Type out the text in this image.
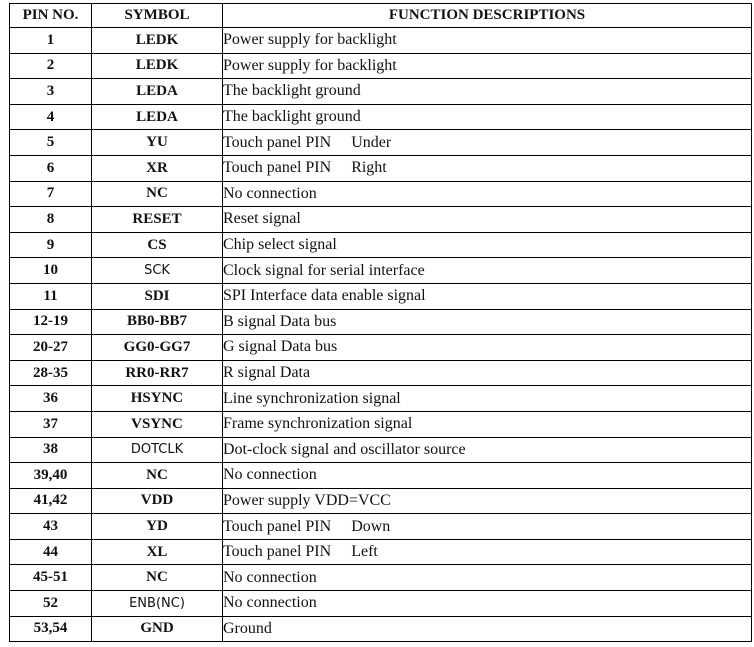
PIN NO.	SYMBOL	FUNCTION DESCRIPTIONS
1	LEDK	Power supply for backlight
2	LEDK	Power supply for backlight
3	LEDA	The backlight ground
4	LEDA	The backlight ground
5	YU	Touch panel PIN  Under
6	XR	Touch panel PIN  Right
7	NC	No connection
8	RESET	Reset signal
9	CS	Chip select signal
10	SCK	Clock signal for serial interface
11	SDI	SPI Interface data enable signal
12-19	BB0-BB7	B signal Data bus
20-27	GG0-GG7	G signal Data bus
28-35	RR0-RR7	R signal Data
36	HSYNC	Line synchronization signal
37	VSYNC	Frame synchronization signal
38	DOTCLK	Dot-clock signal and oscillator source
39,40	NC	No connection
41,42	VDD	Power supply VDD=VCC
43	YD	Touch panel PIN  Down
44	XL	Touch panel PIN  Left
45-51	NC	No connection
52	ENB(NC)	No connection
53,54	GND	Ground
